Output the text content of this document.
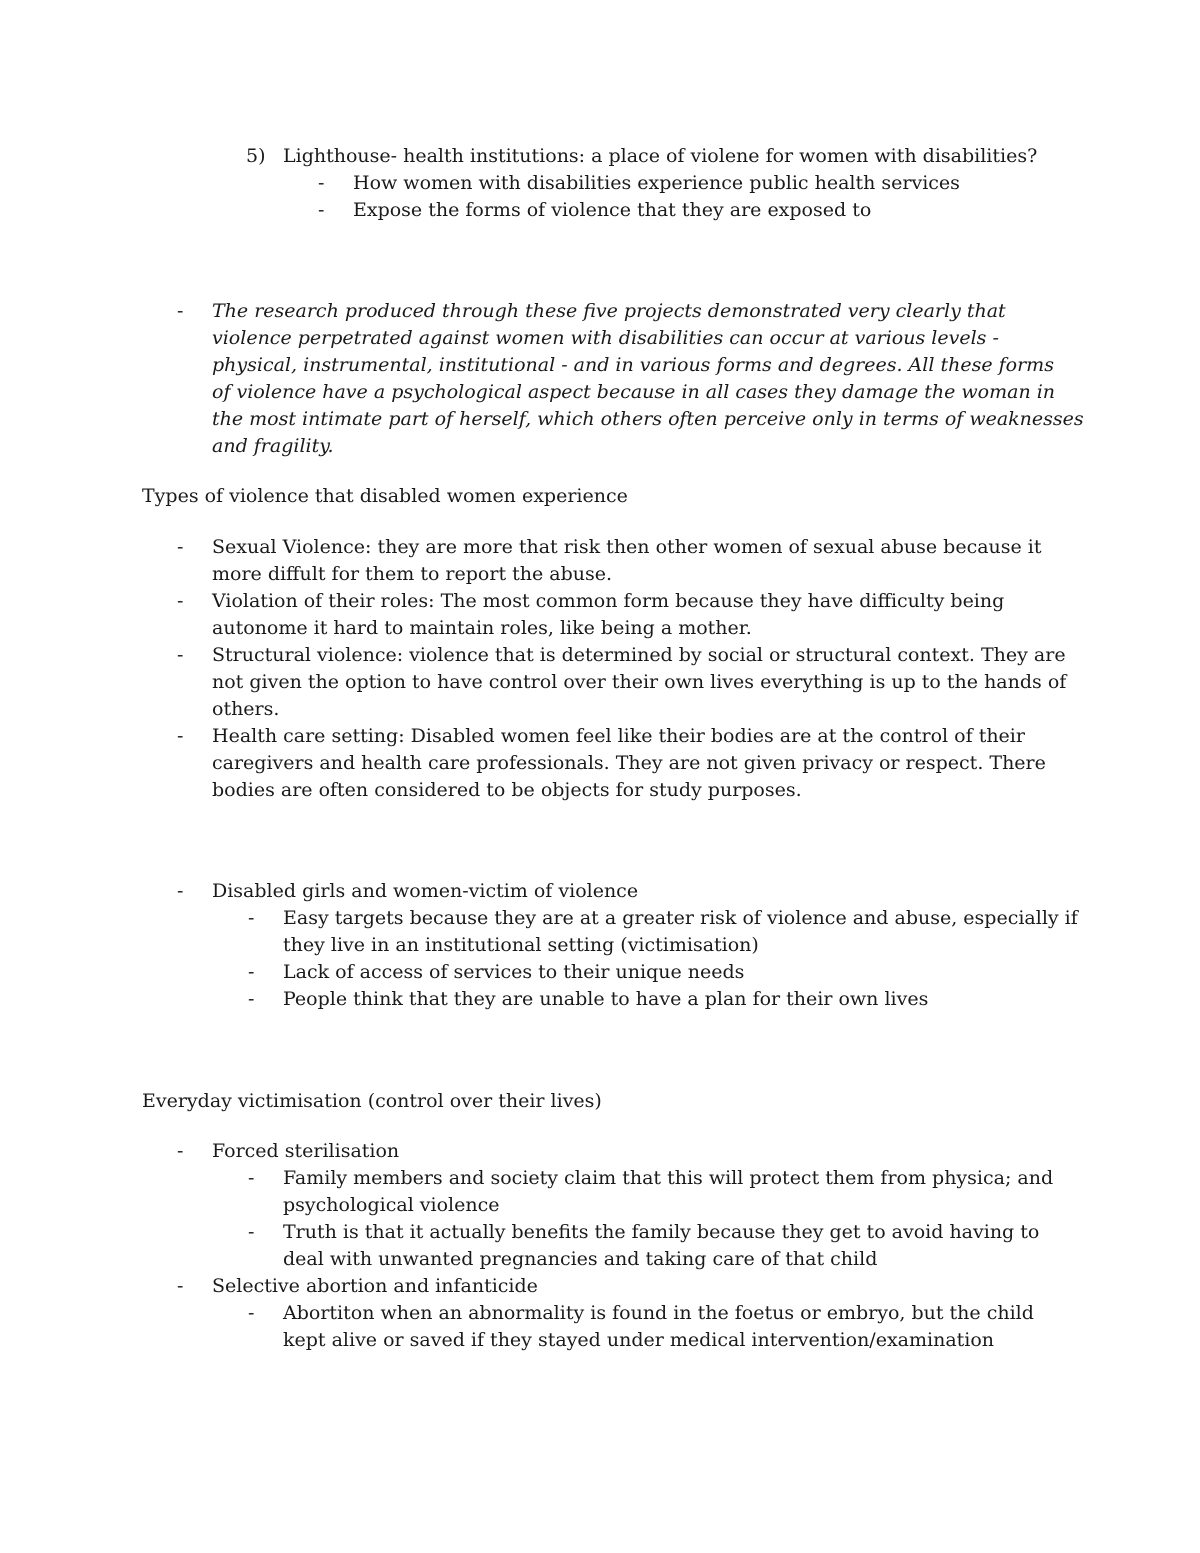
5) Lighthouse- health institutions: a place of violene for women with disabilities?
- How women with disabilities experience public health services
- Expose the forms of violence that they are exposed to
- The research produced through these five projects demonstrated very clearly that
violence perpetrated against women with disabilities can occur at various levels -
physical, instrumental, institutional - and in various forms and degrees. All these forms
of violence have a psychological aspect because in all cases they damage the woman in
the most intimate part of herself, which others often perceive only in terms of weaknesses
and fragility.
Types of violence that disabled women experience
- Sexual Violence: they are more that risk then other women of sexual abuse because it
more diffult for them to report the abuse.
- Violation of their roles: The most common form because they have difficulty being
autonome it hard to maintain roles, like being a mother.
- Structural violence: violence that is determined by social or structural context. They are
not given the option to have control over their own lives everything is up to the hands of
others.
- Health care setting: Disabled women feel like their bodies are at the control of their
caregivers and health care professionals. They are not given privacy or respect. There
bodies are often considered to be objects for study purposes.
- Disabled girls and women-victim of violence
- Easy targets because they are at a greater risk of violence and abuse, especially if
they live in an institutional setting (victimisation)
- Lack of access of services to their unique needs
- People think that they are unable to have a plan for their own lives
Everyday victimisation (control over their lives)
- Forced sterilisation
- Family members and society claim that this will protect them from physica; and
psychological violence
- Truth is that it actually benefits the family because they get to avoid having to
deal with unwanted pregnancies and taking care of that child
- Selective abortion and infanticide
- Abortiton when an abnormality is found in the foetus or embryo, but the child
kept alive or saved if they stayed under medical intervention/examination
